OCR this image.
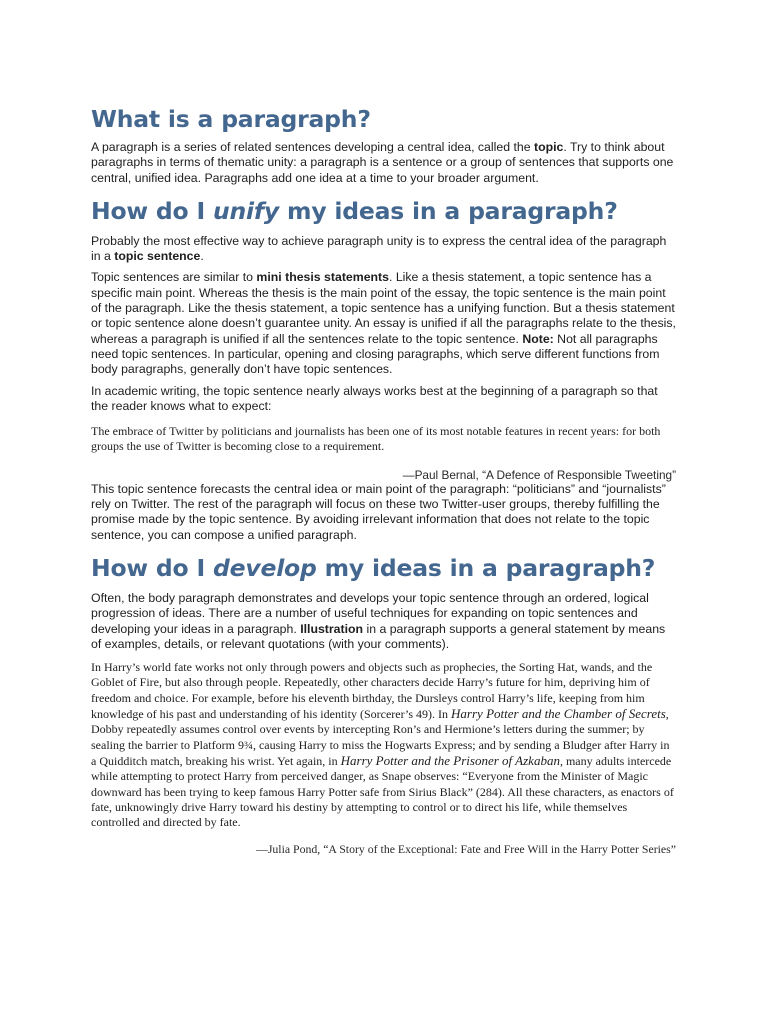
What is a paragraph?

A paragraph is a series of related sentences developing a central idea, called the topic. Try to think about paragraphs in terms of thematic unity: a paragraph is a sentence or a group of sentences that supports one central, unified idea. Paragraphs add one idea at a time to your broader argument.

How do I unify my ideas in a paragraph?

Probably the most effective way to achieve paragraph unity is to express the central idea of the paragraph in a topic sentence.

Topic sentences are similar to mini thesis statements. Like a thesis statement, a topic sentence has a specific main point. Whereas the thesis is the main point of the essay, the topic sentence is the main point of the paragraph. Like the thesis statement, a topic sentence has a unifying function. But a thesis statement or topic sentence alone doesn’t guarantee unity. An essay is unified if all the paragraphs relate to the thesis, whereas a paragraph is unified if all the sentences relate to the topic sentence. Note: Not all paragraphs need topic sentences. In particular, opening and closing paragraphs, which serve different functions from body paragraphs, generally don’t have topic sentences.

In academic writing, the topic sentence nearly always works best at the beginning of a paragraph so that the reader knows what to expect:

The embrace of Twitter by politicians and journalists has been one of its most notable features in recent years: for both groups the use of Twitter is becoming close to a requirement.
—Paul Bernal, “A Defence of Responsible Tweeting”

This topic sentence forecasts the central idea or main point of the paragraph: “politicians” and “journalists” rely on Twitter. The rest of the paragraph will focus on these two Twitter-user groups, thereby fulfilling the promise made by the topic sentence. By avoiding irrelevant information that does not relate to the topic sentence, you can compose a unified paragraph.

How do I develop my ideas in a paragraph?

Often, the body paragraph demonstrates and develops your topic sentence through an ordered, logical progression of ideas. There are a number of useful techniques for expanding on topic sentences and developing your ideas in a paragraph. Illustration in a paragraph supports a general statement by means of examples, details, or relevant quotations (with your comments).

In Harry’s world fate works not only through powers and objects such as prophecies, the Sorting Hat, wands, and the Goblet of Fire, but also through people. Repeatedly, other characters decide Harry’s future for him, depriving him of freedom and choice. For example, before his eleventh birthday, the Dursleys control Harry’s life, keeping from him knowledge of his past and understanding of his identity (Sorcerer’s 49). In Harry Potter and the Chamber of Secrets, Dobby repeatedly assumes control over events by intercepting Ron’s and Hermione’s letters during the summer; by sealing the barrier to Platform 9¾, causing Harry to miss the Hogwarts Express; and by sending a Bludger after Harry in a Quidditch match, breaking his wrist. Yet again, in Harry Potter and the Prisoner of Azkaban, many adults intercede while attempting to protect Harry from perceived danger, as Snape observes: “Everyone from the Minister of Magic downward has been trying to keep famous Harry Potter safe from Sirius Black” (284). All these characters, as enactors of fate, unknowingly drive Harry toward his destiny by attempting to control or to direct his life, while themselves controlled and directed by fate.
—Julia Pond, “A Story of the Exceptional: Fate and Free Will in the Harry Potter Series”
